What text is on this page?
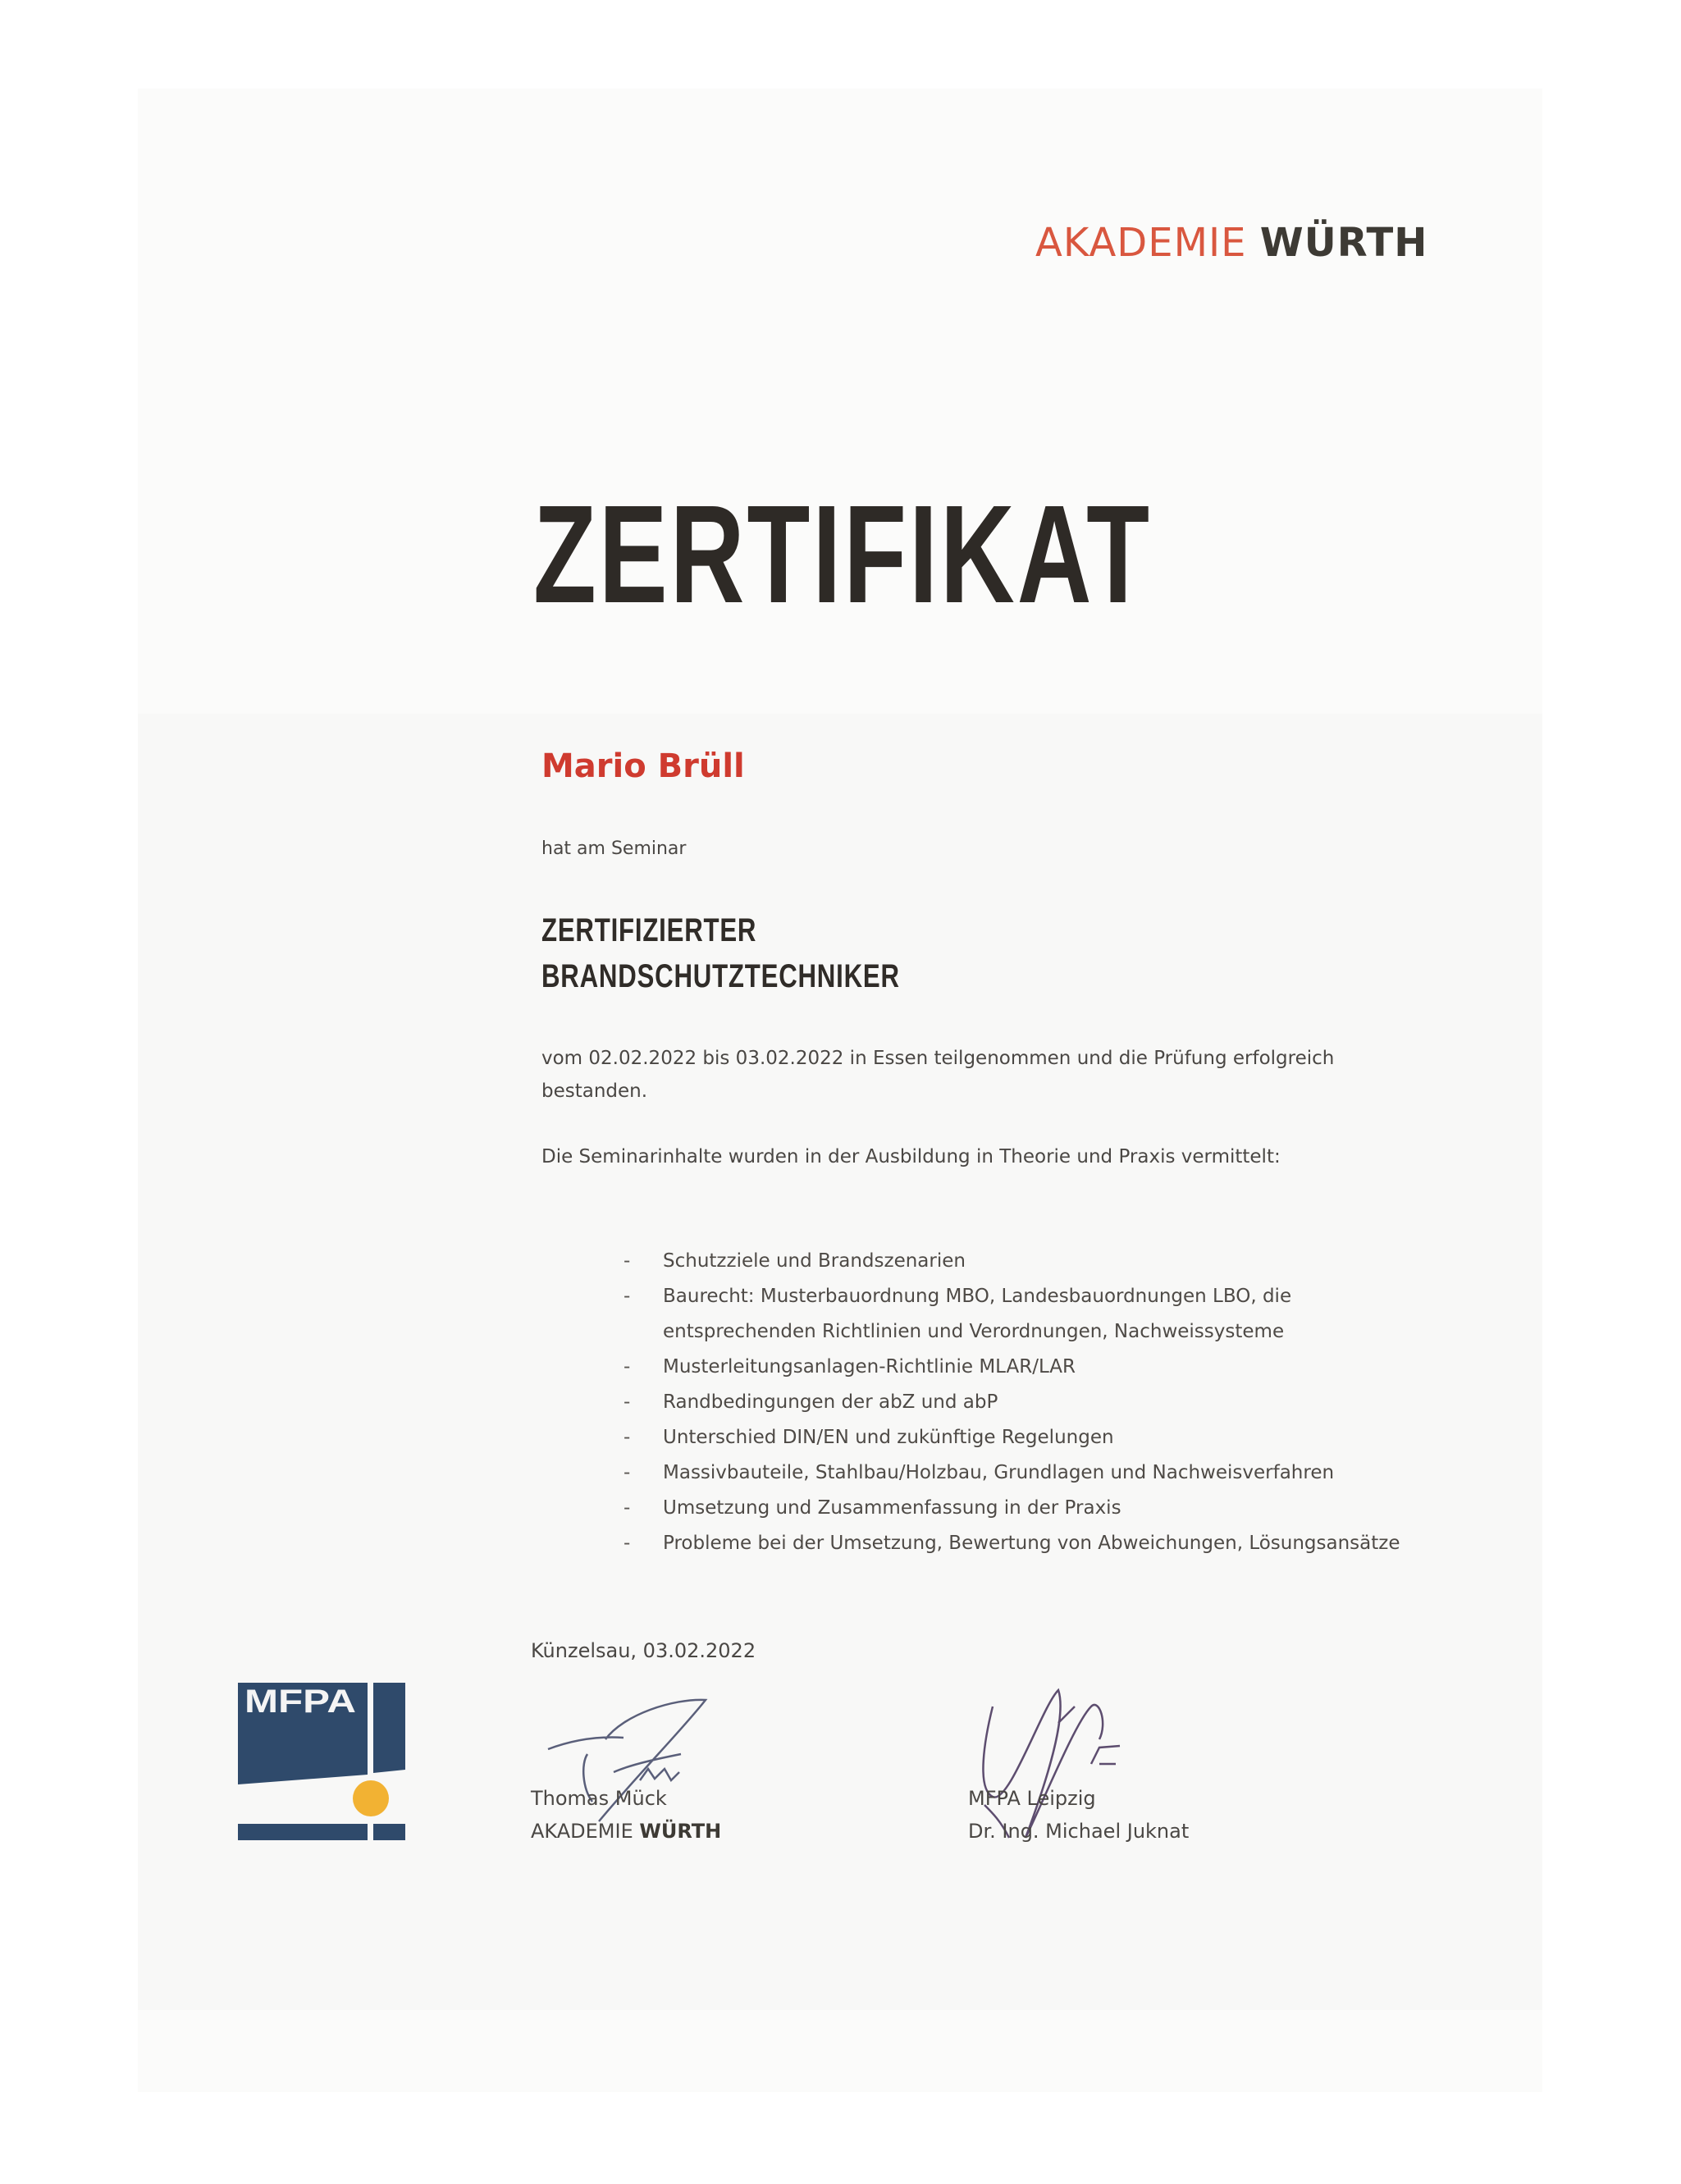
AKADEMIE WÜRTH
ZERTIFIKAT
Mario Brüll
hat am Seminar
ZERTIFIZIERTER
BRANDSCHUTZTECHNIKER
vom 02.02.2022 bis 03.02.2022 in Essen teilgenommen und die Prüfung erfolgreich
bestanden.
Die Seminarinhalte wurden in der Ausbildung in Theorie und Praxis vermittelt:
- Schutzziele und Brandszenarien
- Baurecht: Musterbauordnung MBO, Landesbauordnungen LBO, die
entsprechenden Richtlinien und Verordnungen, Nachweissysteme
- Musterleitungsanlagen-Richtlinie MLAR/LAR
- Randbedingungen der abZ und abP
- Unterschied DIN/EN und zukünftige Regelungen
- Massivbauteile, Stahlbau/Holzbau, Grundlagen und Nachweisverfahren
- Umsetzung und Zusammenfassung in der Praxis
- Probleme bei der Umsetzung, Bewertung von Abweichungen, Lösungsansätze
Künzelsau, 03.02.2022
MFPA
Thomas Mück
AKADEMIE WÜRTH
MFPA Leipzig
Dr. Ing. Michael Juknat
